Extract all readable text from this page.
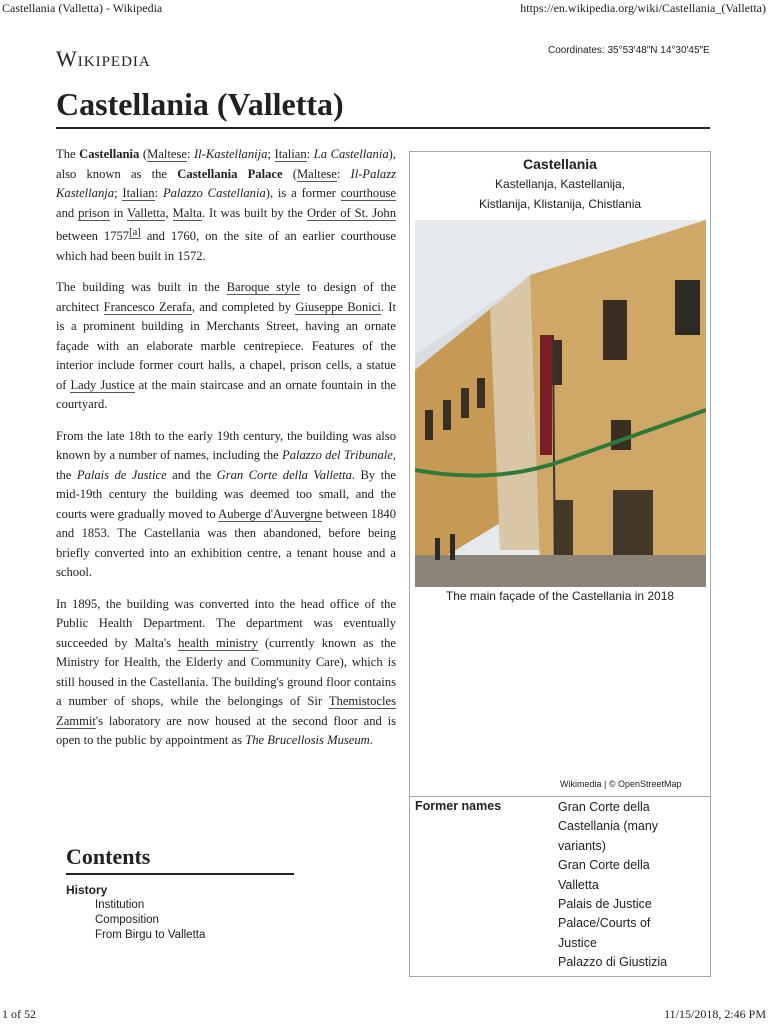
Castellania (Valletta) - Wikipedia	https://en.wikipedia.org/wiki/Castellania_(Valletta)
Wikipedia	Coordinates: 35°53′48″N 14°30′45″E
Castellania (Valletta)

The Castellania (Maltese: Il-Kastellanija; Italian: La Castellania), also known as the Castellania Palace (Maltese: Il-Palazz Kastellanja; Italian: Palazzo Castellania), is a former courthouse and prison in Valletta, Malta. It was built by the Order of St. John between 1757[a] and 1760, on the site of an earlier courthouse which had been built in 1572.

The building was built in the Baroque style to design of the architect Francesco Zerafa, and completed by Giuseppe Bonici. It is a prominent building in Merchants Street, having an ornate façade with an elaborate marble centrepiece. Features of the interior include former court halls, a chapel, prison cells, a statue of Lady Justice at the main staircase and an ornate fountain in the courtyard.

From the late 18th to the early 19th century, the building was also known by a number of names, including the Palazzo del Tribunale, the Palais de Justice and the Gran Corte della Valletta. By the mid-19th century the building was deemed too small, and the courts were gradually moved to Auberge d'Auvergne between 1840 and 1853. The Castellania was then abandoned, before being briefly converted into an exhibition centre, a tenant house and a school.

In 1895, the building was converted into the head office of the Public Health Department. The department was eventually succeeded by Malta's health ministry (currently known as the Ministry for Health, the Elderly and Community Care), which is still housed in the Castellania. The building's ground floor contains a number of shops, while the belongings of Sir Themistocles Zammit's laboratory are now housed at the second floor and is open to the public by appointment as The Brucellosis Museum.

Contents
History
Institution
Composition
From Birgu to Valletta
Castellania
Kastellanja, Kastellanija,
Kistlanija, Klistanija, Chistlania
The main façade of the Castellania in 2018
Wikimedia | © OpenStreetMap
Former names	Gran Corte della
Castellania (many
variants)
Gran Corte della
Valletta
Palais de Justice
Palace/Courts of
Justice
Palazzo di Giustizia
1 of 52	11/15/2018, 2:46 PM
